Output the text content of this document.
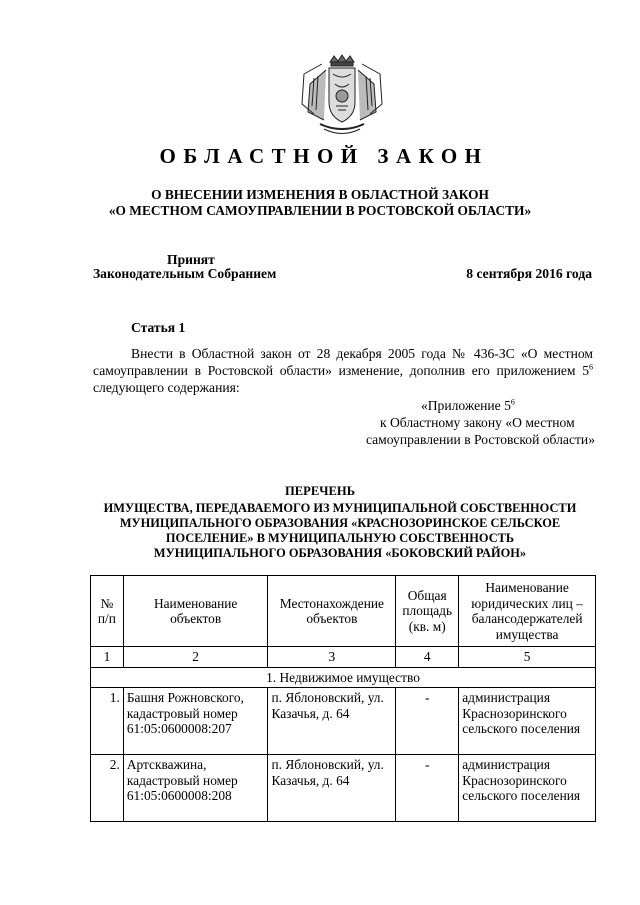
ОБЛАСТНОЙ ЗАКОН
О ВНЕСЕНИИ ИЗМЕНЕНИЯ В ОБЛАСТНОЙ ЗАКОН
«О МЕСТНОМ САМОУПРАВЛЕНИИ В РОСТОВСКОЙ ОБЛАСТИ»
Принят
Законодательным Собранием	8 сентября 2016 года
Статья 1
Внести в Областной закон от 28 декабря 2005 года № 436-ЗС «О местном самоуправлении в Ростовской области» изменение, дополнив его приложением $5^6$ следующего содержания:
«Приложение $5^6$
к Областному закону «О местном
самоуправлении в Ростовской области»
ПЕРЕЧЕНЬ
ИМУЩЕСТВА, ПЕРЕДАВАЕМОГО ИЗ МУНИЦИПАЛЬНОЙ СОБСТВЕННОСТИ
МУНИЦИПАЛЬНОГО ОБРАЗОВАНИЯ «КРАСНОЗОРИНСКОЕ СЕЛЬСКОЕ
ПОСЕЛЕНИЕ» В МУНИЦИПАЛЬНУЮ СОБСТВЕННОСТЬ
МУНИЦИПАЛЬНОГО ОБРАЗОВАНИЯ «БОКОВСКИЙ РАЙОН»
№ п/п	Наименование объектов	Местонахождение объектов	Общая площадь (кв. м)	Наименование юридических лиц – балансодержателей имущества
1	2	3	4	5
1. Недвижимое имущество				
1.	Башня Рожновского, кадастровый номер 61:05:0600008:207	п. Яблоновский, ул. Казачья, д. 64	-	администрация Краснозоринского сельского поселения
2.	Артскважина, кадастровый номер 61:05:0600008:208	п. Яблоновский, ул. Казачья, д. 64	-	администрация Краснозоринского сельского поселения
